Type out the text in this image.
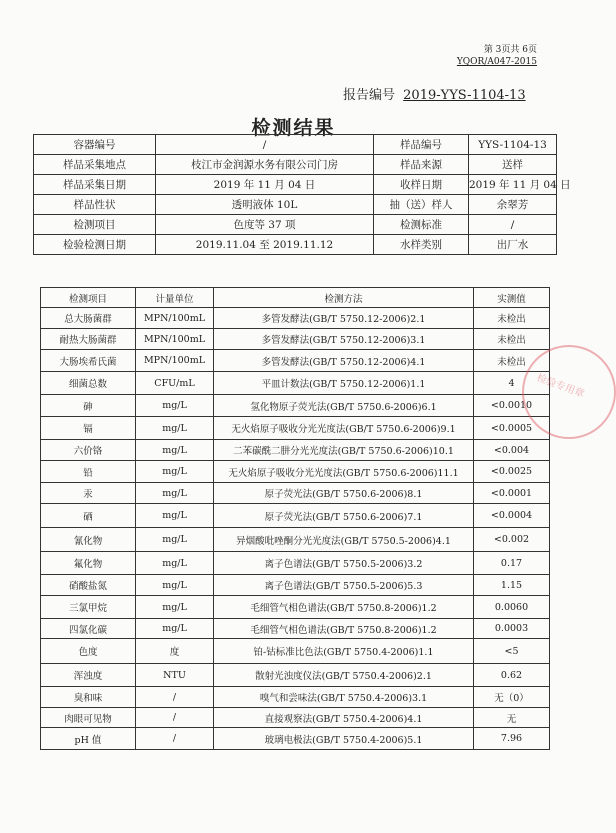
第 3页共 6页
YQOR/A047-2015
报告编号 2019-YYS-1104-13
检测结果
容器编号	/	样品编号	YYS-1104-13
样品采集地点	枝江市金润源水务有限公司门房	样品来源	送样
样品采集日期	2019 年 11 月 04 日	收样日期	2019 年 11 月 04 日
样品性状	透明液体 10L	抽（送）样人	余翠芳
检测项目	色度等 37 项	检测标准	/
检验检测日期	2019.11.04 至 2019.11.12	水样类别	出厂水
检测项目	计量单位	检测方法	实测值
总大肠菌群	MPN/100mL	多管发酵法(GB/T 5750.12-2006)2.1	未检出
耐热大肠菌群	MPN/100mL	多管发酵法(GB/T 5750.12-2006)3.1	未检出
大肠埃希氏菌	MPN/100mL	多管发酵法(GB/T 5750.12-2006)4.1	未检出
细菌总数	CFU/mL	平皿计数法(GB/T 5750.12-2006)1.1	4
砷	mg/L	氢化物原子荧光法(GB/T 5750.6-2006)6.1	<0.0010
镉	mg/L	无火焰原子吸收分光光度法(GB/T 5750.6-2006)9.1	<0.0005
六价铬	mg/L	二苯碳酰二肼分光光度法(GB/T 5750.6-2006)10.1	<0.004
铅	mg/L	无火焰原子吸收分光光度法(GB/T 5750.6-2006)11.1	<0.0025
汞	mg/L	原子荧光法(GB/T 5750.6-2006)8.1	<0.0001
硒	mg/L	原子荧光法(GB/T 5750.6-2006)7.1	<0.0004
氰化物	mg/L	异烟酸吡唑酮分光光度法(GB/T 5750.5-2006)4.1	<0.002
氟化物	mg/L	离子色谱法(GB/T 5750.5-2006)3.2	0.17
硝酸盐氮	mg/L	离子色谱法(GB/T 5750.5-2006)5.3	1.15
三氯甲烷	mg/L	毛细管气相色谱法(GB/T 5750.8-2006)1.2	0.0060
四氯化碳	mg/L	毛细管气相色谱法(GB/T 5750.8-2006)1.2	0.0003
色度	度	铂-钴标准比色法(GB/T 5750.4-2006)1.1	<5
浑浊度	NTU	散射光浊度仪法(GB/T 5750.4-2006)2.1	0.62
臭和味	/	嗅气和尝味法(GB/T 5750.4-2006)3.1	无（0）
肉眼可见物	/	直接观察法(GB/T 5750.4-2006)4.1	无
pH 值	/	玻璃电极法(GB/T 5750.4-2006)5.1	7.96
检验专用章
